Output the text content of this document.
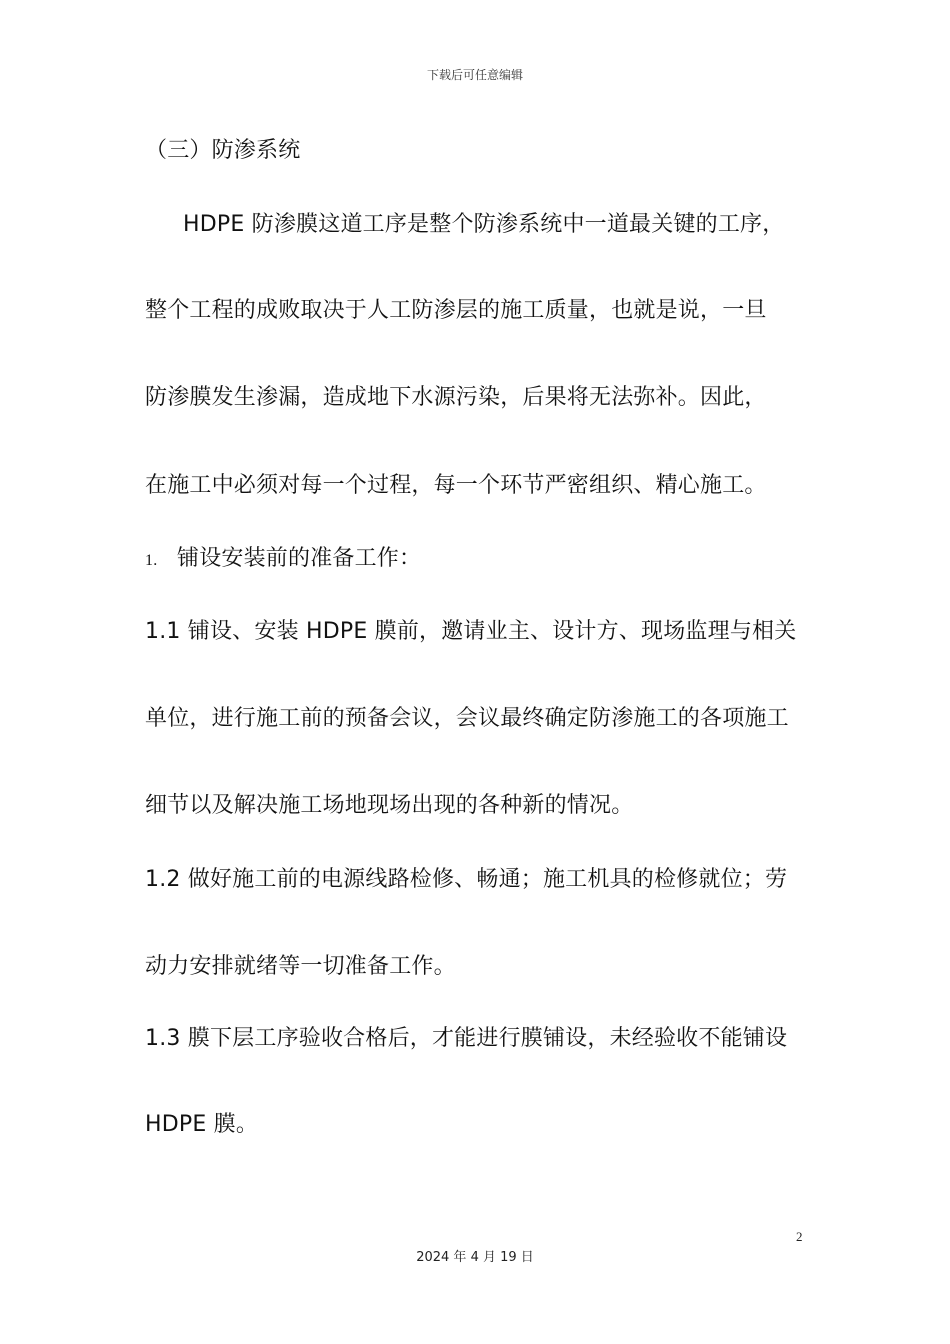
下载后可任意编辑
（三）防渗系统
HDPE 防渗膜这道工序是整个防渗系统中一道最关键的工序，
整个工程的成败取决于人工防渗层的施工质量，也就是说，一旦
防渗膜发生渗漏，造成地下水源污染，后果将无法弥补。因此，
在施工中必须对每一个过程，每一个环节严密组织、精心施工。
1. 铺设安装前的准备工作：
1.1 铺设、安装 HDPE 膜前，邀请业主、设计方、现场监理与相关
单位，进行施工前的预备会议，会议最终确定防渗施工的各项施工
细节以及解决施工场地现场出现的各种新的情况。
1.2 做好施工前的电源线路检修、畅通；施工机具的检修就位；劳
动力安排就绪等一切准备工作。
1.3 膜下层工序验收合格后，才能进行膜铺设，未经验收不能铺设
HDPE 膜。
2
2024 年 4 月 19 日
